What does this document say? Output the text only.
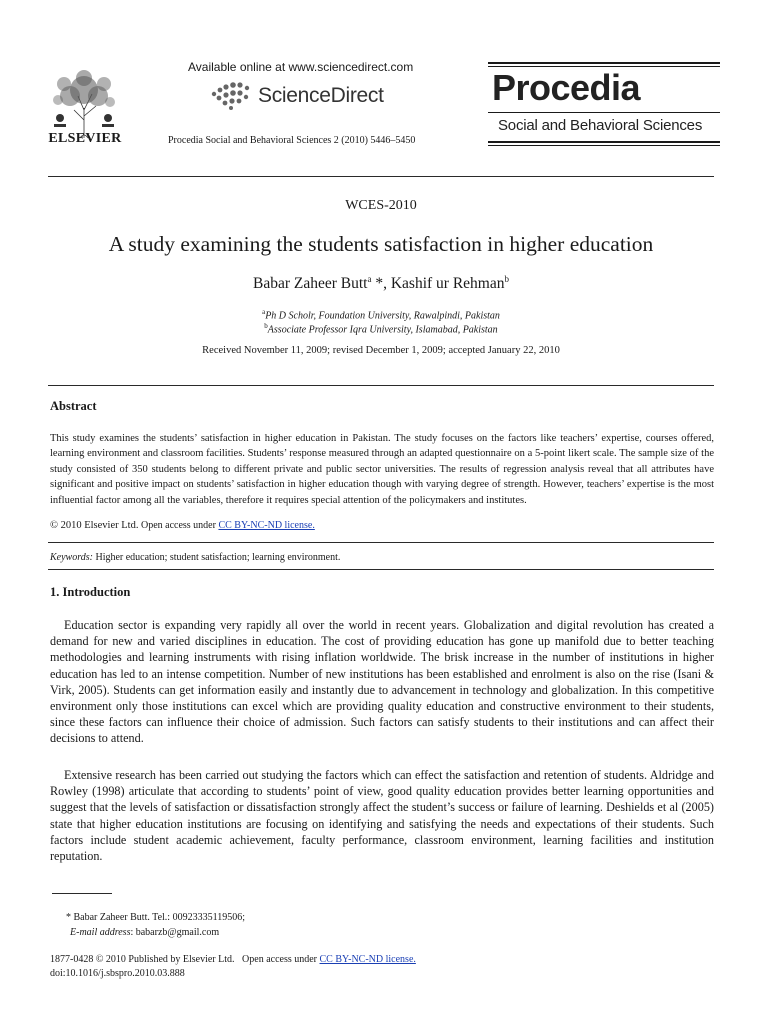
ELSEVIER
Available online at www.sciencedirect.com
ScienceDirect
Procedia Social and Behavioral Sciences 2 (2010) 5446–5450
Procedia
Social and Behavioral Sciences
WCES-2010
A study examining the students satisfaction in higher education
Babar Zaheer Butt$^a$ *, Kashif ur Rehman$^b$
$^a$Ph D Scholr, Foundation University, Rawalpindi, Pakistan
$^b$Associate Professor Iqra University, Islamabad, Pakistan
Received November 11, 2009; revised December 1, 2009; accepted January 22, 2010
Abstract
This study examines the students’ satisfaction in higher education in Pakistan. The study focuses on the factors like teachers’ expertise, courses offered, learning environment and classroom facilities. Students’ response measured through an adapted questionnaire on a 5-point likert scale. The sample size of the study consisted of 350 students belong to different private and public sector universities. The results of regression analysis reveal that all attributes have significant and positive impact on students’ satisfaction in higher education though with varying degree of strength. However, teachers’ expertise is the most influential factor among all the variables, therefore it requires special attention of the policymakers and institutes.
© 2010 Elsevier Ltd. Open access under CC BY-NC-ND license.
Keywords: Higher education; student satisfaction; learning environment.
1. Introduction

Education sector is expanding very rapidly all over the world in recent years. Globalization and digital revolution has created a demand for new and varied disciplines in education. The cost of providing education has gone up manifold due to better teaching methodologies and learning instruments with rising inflation worldwide. The brisk increase in the number of institutions in higher education has led to an intense competition. Number of new institutions has been established and enrolment is also on the rise (Isani & Virk, 2005). Students can get information easily and instantly due to advancement in technology and globalization. In this competitive environment only those institutions can excel which are providing quality education and constructive environment to their students, since these factors can influence their choice of admission. Such factors can satisfy students to their institutions and can affect their decisions to attend.

Extensive research has been carried out studying the factors which can effect the satisfaction and retention of students. Aldridge and Rowley (1998) articulate that according to students’ point of view, good quality education provides better learning opportunities and suggest that the levels of satisfaction or dissatisfaction strongly affect the student’s success or failure of learning. Deshields et al (2005) state that higher education institutions are focusing on identifying and satisfying the needs and expectations of their students. Such factors include student academic achievement, faculty performance, classroom environment, learning facilities and institution reputation.

* Babar Zaheer Butt. Tel.: 00923335119506;
E-mail address: babarzb@gmail.com
1877-0428 © 2010 Published by Elsevier Ltd.   Open access under CC BY-NC-ND license.
doi:10.1016/j.sbspro.2010.03.888
